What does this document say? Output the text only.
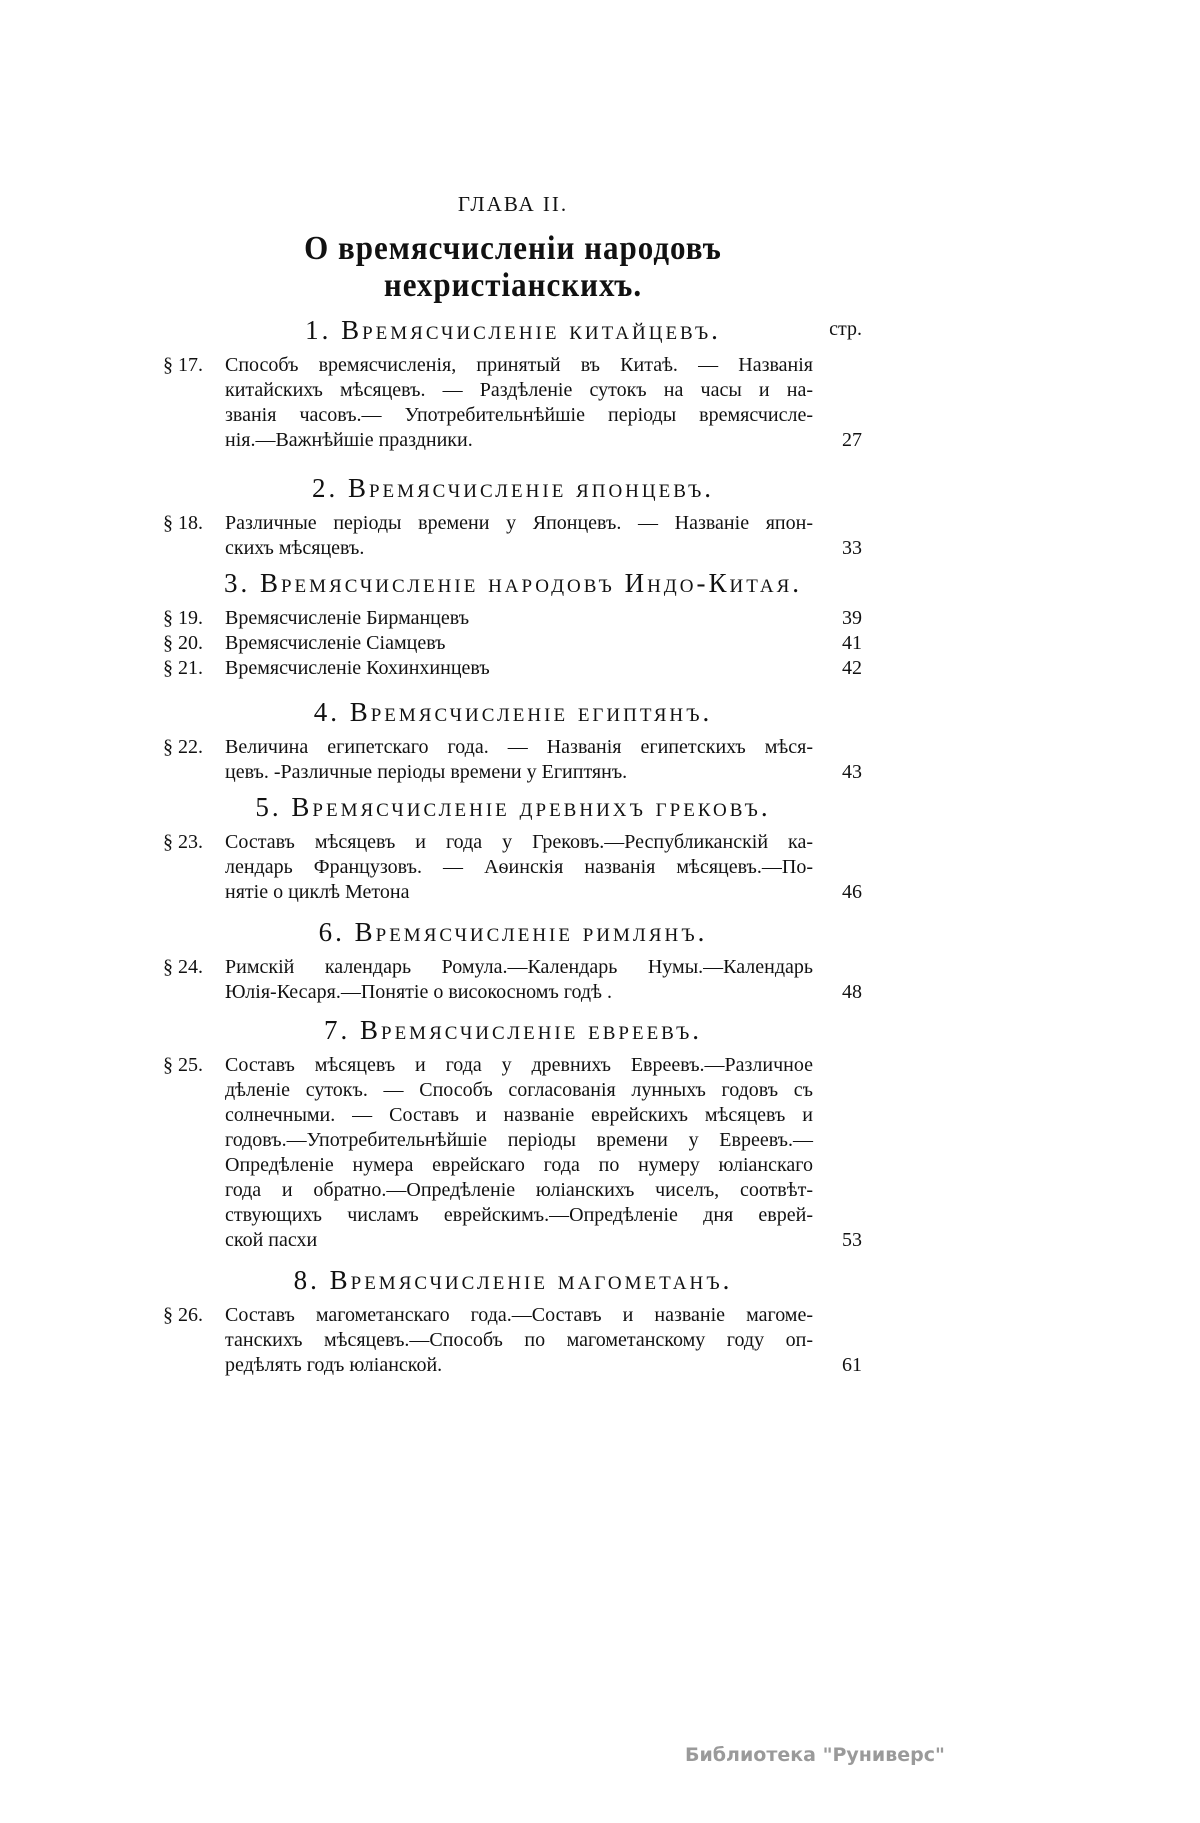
ГЛАВА II.
О времясчисленіи народовъ
нехристіанскихъ.
стр.
1. Времясчисленіе китайцевъ.
§ 17.	Способъ времясчисленія, принятый въ Китаѣ. — Названія
китайскихъ мѣсяцевъ. — Раздѣленіе сутокъ на часы и на-
званія часовъ.— Употребительнѣйшіе періоды времясчисле-
нія.—Важнѣйшіе праздники.	27
2. Времясчисленіе японцевъ.
§ 18.	Различные періоды времени у Японцевъ. — Названіе япон-
скихъ мѣсяцевъ.	33
3. Времясчисленіе народовъ Индо-Китая.
§ 19.	Времясчисленіе Бирманцевъ	39
§ 20.	Времясчисленіе Сіамцевъ	41
§ 21.	Времясчисленіе Кохинхинцевъ	42
4. Времясчисленіе египтянъ.
§ 22.	Величина египетскаго года. — Названія египетскихъ мѣся-
цевъ. -Различные періоды времени у Египтянъ.	43
5. Времясчисленіе древнихъ грековъ.
§ 23.	Составъ мѣсяцевъ и года у Грековъ.—Республиканскій ка-
лендарь Французовъ. — Аѳинскія названія мѣсяцевъ.—По-
нятіе о циклѣ Метона	46
6. Времясчисленіе римлянъ.
§ 24.	Римскій календарь Ромула.—Календарь Нумы.—Календарь
Юлія-Кесаря.—Понятіе о високосномъ годѣ .	48
7. Времясчисленіе евреевъ.
§ 25.	Составъ мѣсяцевъ и года у древнихъ Евреевъ.—Различное
дѣленіе сутокъ. — Способъ согласованія лунныхъ годовъ съ
солнечными. — Составъ и названіе еврейскихъ мѣсяцевъ и
годовъ.—Употребительнѣйшіе періоды времени у Евреевъ.—
Опредѣленіе нумера еврейскаго года по нумеру юліанскаго
года и обратно.—Опредѣленіе юліанскихъ чиселъ, соотвѣт-
ствующихъ числамъ еврейскимъ.—Опредѣленіе дня еврей-
ской пасхи	53
8. Времясчисленіе магометанъ.
§ 26.	Составъ магометанскаго года.—Составъ и названіе магоме-
танскихъ мѣсяцевъ.—Способъ по магометанскому году оп-
редѣлять годъ юліанской.	61
Библиотека "Руниверс"
